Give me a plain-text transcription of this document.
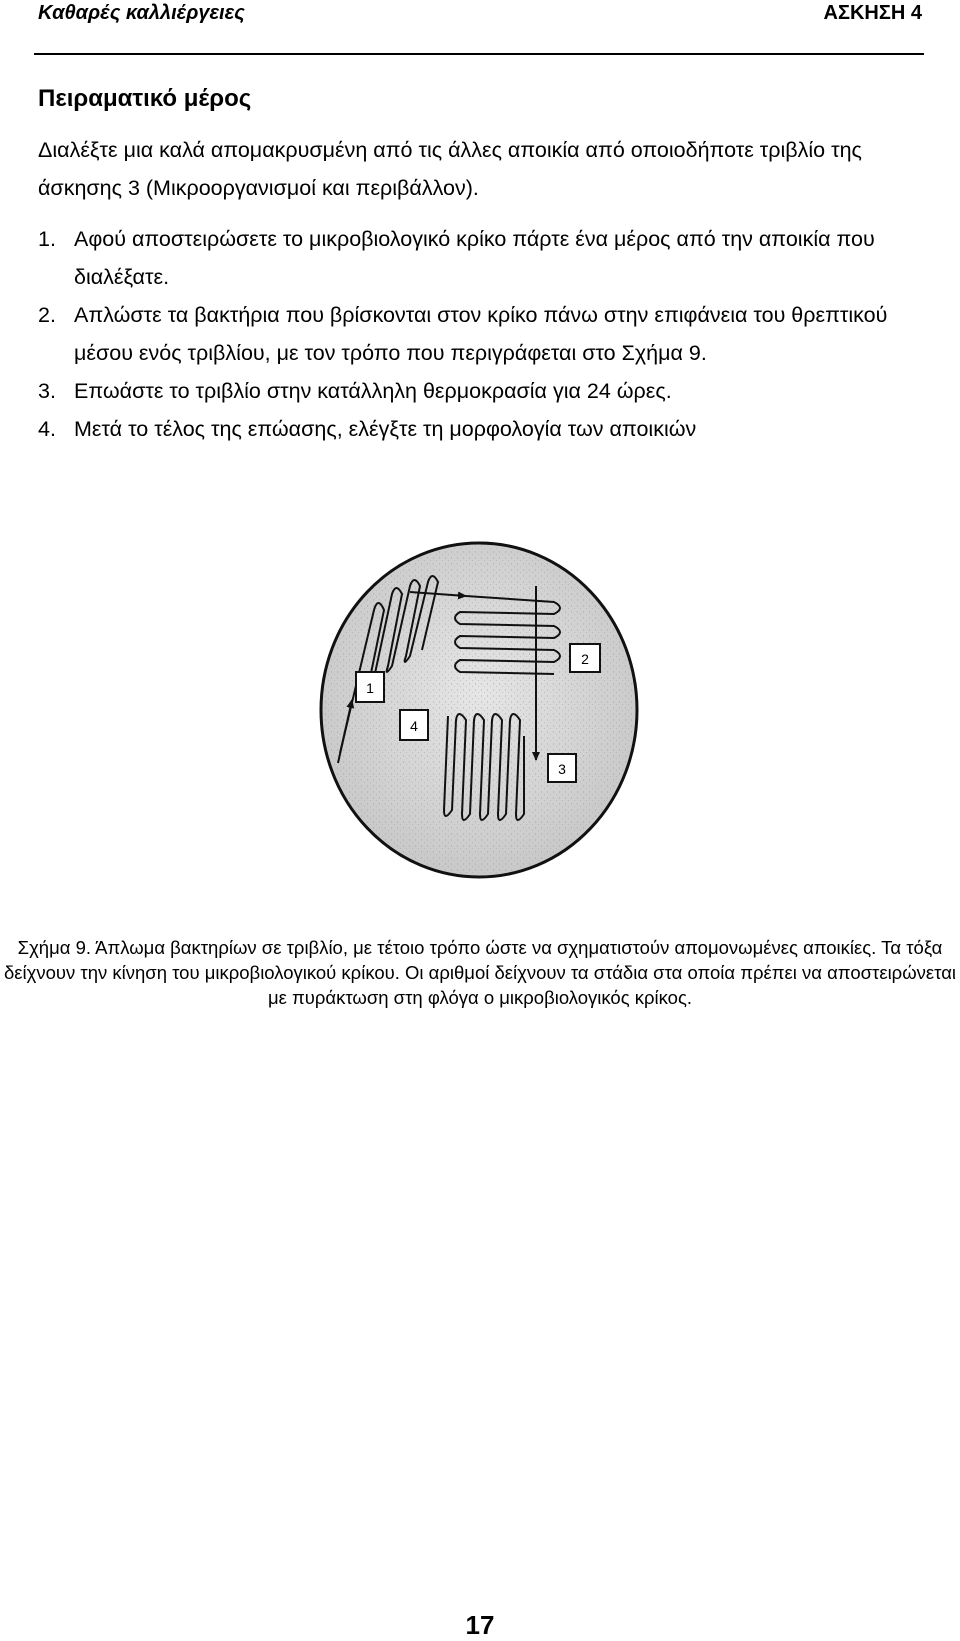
Καθαρές καλλιέργειες	ΑΣΚΗΣΗ 4
Πειραματικό μέρος

Διαλέξτε μια καλά απομακρυσμένη από τις άλλες αποικία από οποιοδήποτε τριβλίο της άσκησης 3 (Μικροοργανισμοί και περιβάλλον).

1. Αφού αποστειρώσετε το μικροβιολογικό κρίκο πάρτε ένα μέρος από την αποικία που διαλέξατε.
2. Απλώστε τα βακτήρια που βρίσκονται στον κρίκο πάνω στην επιφάνεια του θρεπτικού μέσου ενός τριβλίου, με τον τρόπο που περιγράφεται στο Σχήμα 9.
3. Επωάστε το τριβλίο στην κατάλληλη θερμοκρασία για 24 ώρες.
4. Μετά το τέλος της επώασης, ελέγξτε τη μορφολογία των αποικιών
1
2
3
4

Σχήμα 9. Άπλωμα βακτηρίων σε τριβλίο, με τέτοιο τρόπο ώστε να σχηματιστούν απομονωμένες αποικίες. Τα τόξα δείχνουν την κίνηση του μικροβιολογικού κρίκου. Οι αριθμοί δείχνουν τα στάδια στα οποία πρέπει να αποστειρώνεται με πυράκτωση στη φλόγα ο μικροβιολογικός κρίκος.

17
